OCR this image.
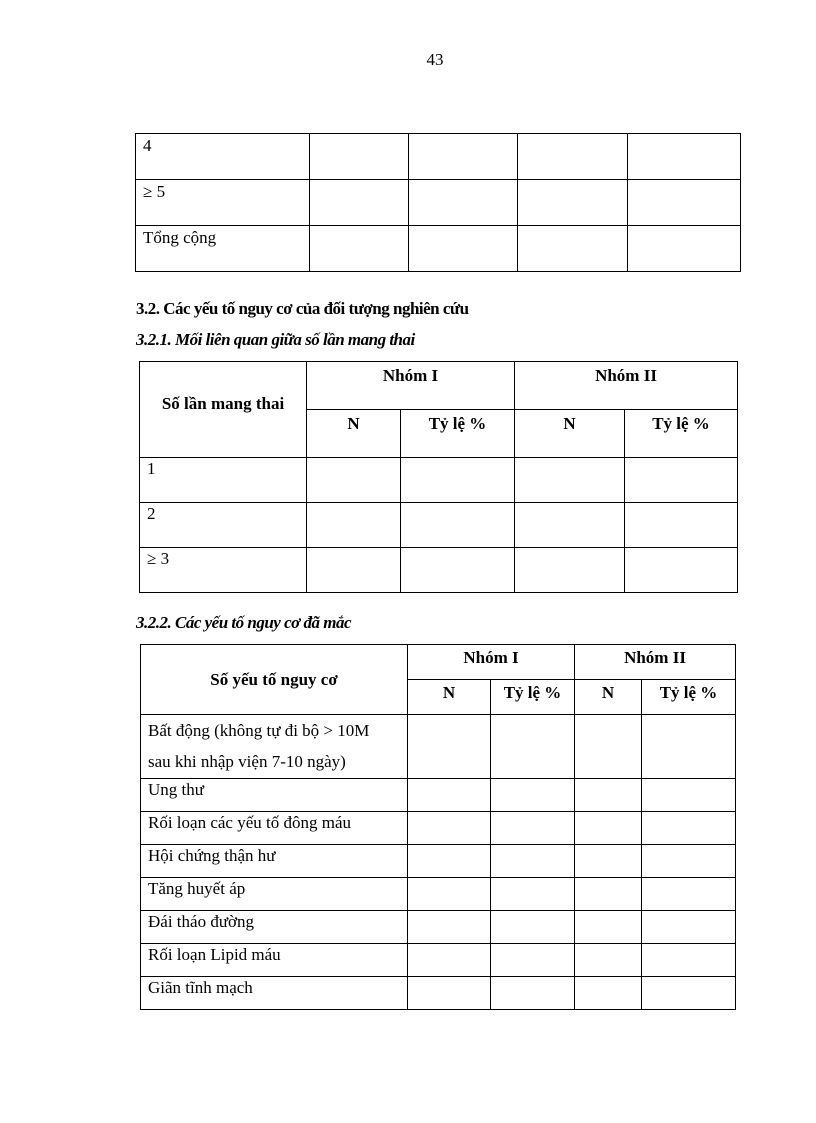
43
4				
≥ 5				
Tổng cộng				
3.2. Các yếu tố nguy cơ của đối tượng nghiên cứu
3.2.1. Mối liên quan giữa số lần mang thai
Số lần mang thai	Nhóm I		Nhóm II	
	N	Tỷ lệ %	N	Tỷ lệ %
1				
2				
≥ 3				
3.2.2. Các yếu tố nguy cơ đã mắc
Số yếu tố nguy cơ	Nhóm I		Nhóm II	
	N	Tỷ lệ %	N	Tỷ lệ %
Bất động (không tự đi bộ > 10M
sau khi nhập viện 7-10 ngày)				
Ung thư				
Rối loạn các yếu tố đông máu				
Hội chứng thận hư				
Tăng huyết áp				
Đái tháo đường				
Rối loạn Lipid máu				
Giãn tĩnh mạch				
